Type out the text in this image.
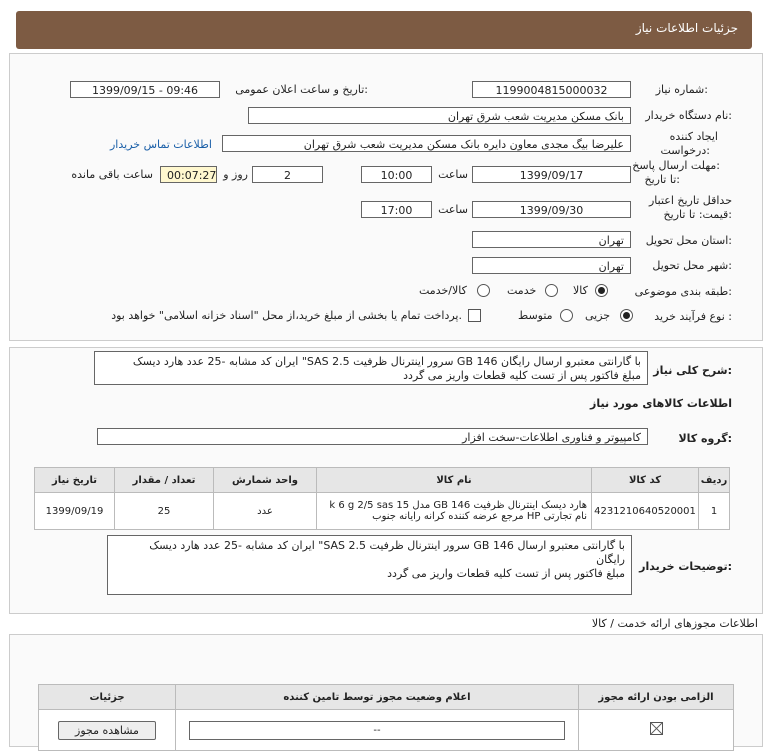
جزئیات اطلاعات نیاز
شماره نیاز:
1199004815000032
تاریخ و ساعت اعلان عمومی:
1399/09/15 - 09:46
نام دستگاه خریدار:
بانک مسکن مدیریت شعب شرق تهران
ایجاد کننده
درخواست:
علیرضا بیگ مجدی معاون دایره بانک مسکن مدیریت شعب شرق تهران
اطلاعات تماس خریدار
مهلت ارسال پاسخ:
تا تاریخ:
1399/09/17
ساعت
10:00
2
روز و
00:07:27
ساعت باقی مانده
حداقل تاریخ اعتبار
قیمت: تا تاریخ:
1399/09/30
ساعت
17:00
استان محل تحویل:
تهران
شهر محل تحویل:
تهران
طبقه بندی موضوعی:
کالا
خدمت
کالا/خدمت
نوع فرآیند خرید :
جزیی
متوسط
پرداخت تمام یا بخشی از مبلغ خرید،از محل "اسناد خزانه اسلامی" خواهد بود.
شرح کلی نیاز:
ایران کد مشابه -25 عدد هارد دیسک "SAS 2.5 سرور اینترنال ظرفیت GB 146 با گارانتی معتبرو ارسال رایگان
مبلغ فاکتور پس از تست کلیه قطعات واریز می گردد
اطلاعات کالاهای مورد نیاز
گروه کالا:
کامپیوتر و فناوری اطلاعات-سخت افزار
ردیف	کد کالا	نام کالا	واحد شمارش	تعداد / مقدار	تاریخ نیاز
1	4231210640520001	هارد دیسک اینترنال ظرفیت GB 146 مدل k 6 g 2/5 sas 15
نام تجارتی HP مرجع عرضه کننده کرانه رایانه جنوب	عدد	25	1399/09/19
توضیحات خریدار:
ایران کد مشابه -25 عدد هارد دیسک "SAS 2.5 سرور اینترنال ظرفیت GB 146 با گارانتی معتبرو ارسال
رایگان
مبلغ فاکتور پس از تست کلیه قطعات واریز می گردد
اطلاعات مجوزهای ارائه خدمت / کالا
الزامی بودن ارائه مجوز	اعلام وضعیت مجوز توسط تامین کننده	جزئیات

	--	مشاهده مجوز
